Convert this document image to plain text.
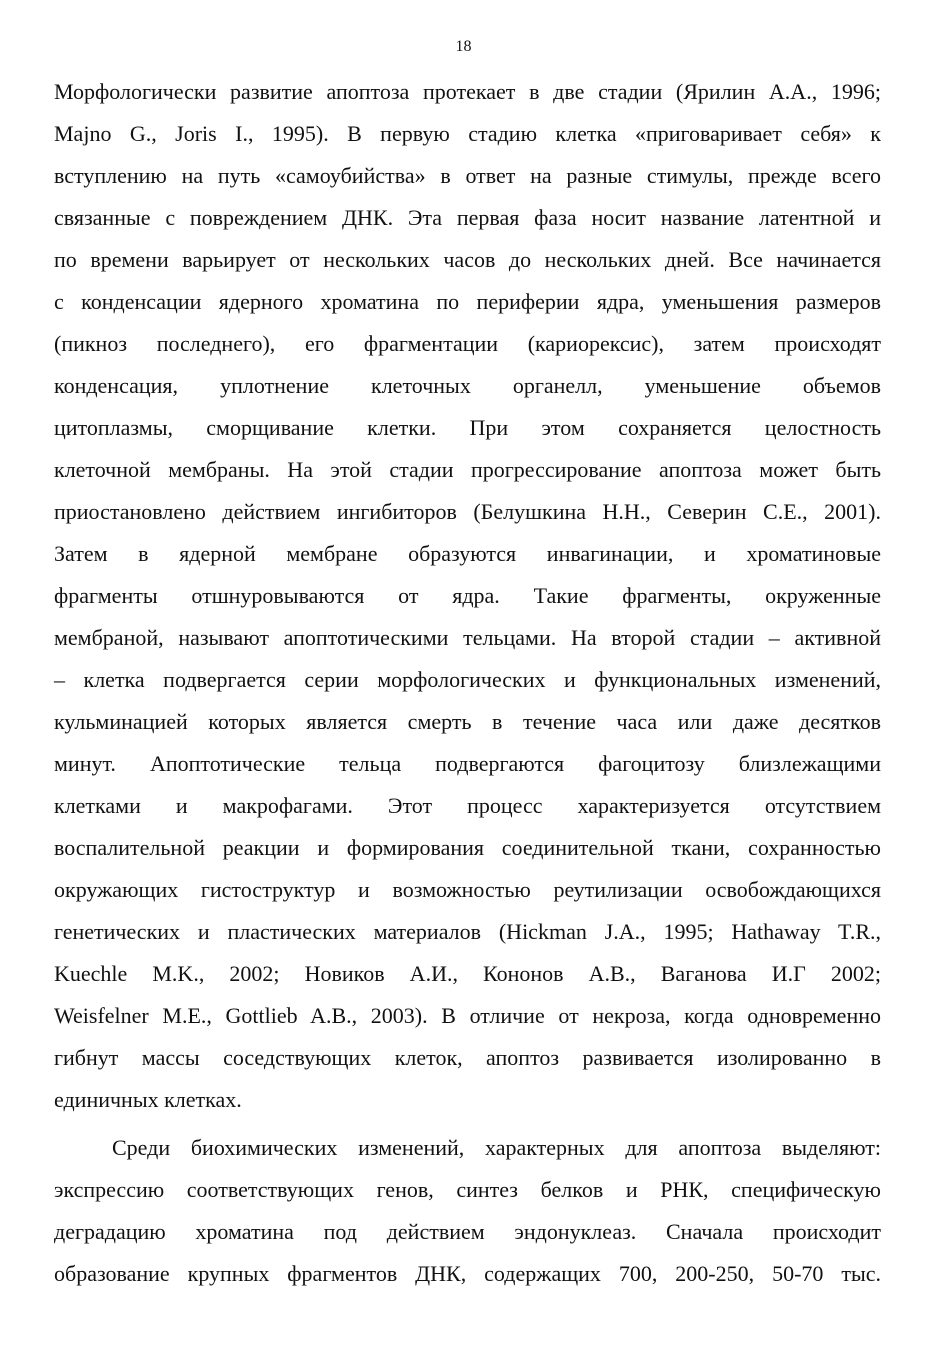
18
Морфологически развитие апоптоза протекает в две стадии (Ярилин А.А., 1996;
Majno G., Joris I., 1995). В первую стадию клетка «приговаривает себя» к
вступлению на путь «самоубийства» в ответ на разные стимулы, прежде всего
связанные с повреждением ДНК. Эта первая фаза носит название латентной и
по времени варьирует от нескольких часов до нескольких дней. Все начинается
с конденсации ядерного хроматина по периферии ядра, уменьшения размеров
(пикноз последнего), его фрагментации (кариорексис), затем происходят
конденсация, уплотнение клеточных органелл, уменьшение объемов
цитоплазмы, сморщивание клетки. При этом сохраняется целостность
клеточной мембраны. На этой стадии прогрессирование апоптоза может быть
приостановлено действием ингибиторов (Белушкина Н.Н., Северин С.Е., 2001).
Затем в ядерной мембране образуются инвагинации, и хроматиновые
фрагменты отшнуровываются от ядра. Такие фрагменты, окруженные
мембраной, называют апоптотическими тельцами. На второй стадии – активной
– клетка подвергается серии морфологических и функциональных изменений,
кульминацией которых является смерть в течение часа или даже десятков
минут. Апоптотические тельца подвергаются фагоцитозу близлежащими
клетками и макрофагами. Этот процесс характеризуется отсутствием
воспалительной реакции и формирования соединительной ткани, сохранностью
окружающих гистоструктур и возможностью реутилизации освобождающихся
генетических и пластических материалов (Hickman J.A., 1995; Hathaway T.R.,
Kuechle M.K., 2002; Новиков А.И., Кононов А.В., Ваганова И.Г 2002;
Weisfelner M.E., Gottlieb A.B., 2003). В отличие от некроза, когда одновременно
гибнут массы соседствующих клеток, апоптоз развивается изолированно в
единичных клетках.
Среди биохимических изменений, характерных для апоптоза выделяют:
экспрессию соответствующих генов, синтез белков и РНК, специфическую
деградацию хроматина под действием эндонуклеаз. Сначала происходит
образование крупных фрагментов ДНК, содержащих 700, 200-250, 50-70 тыс.
